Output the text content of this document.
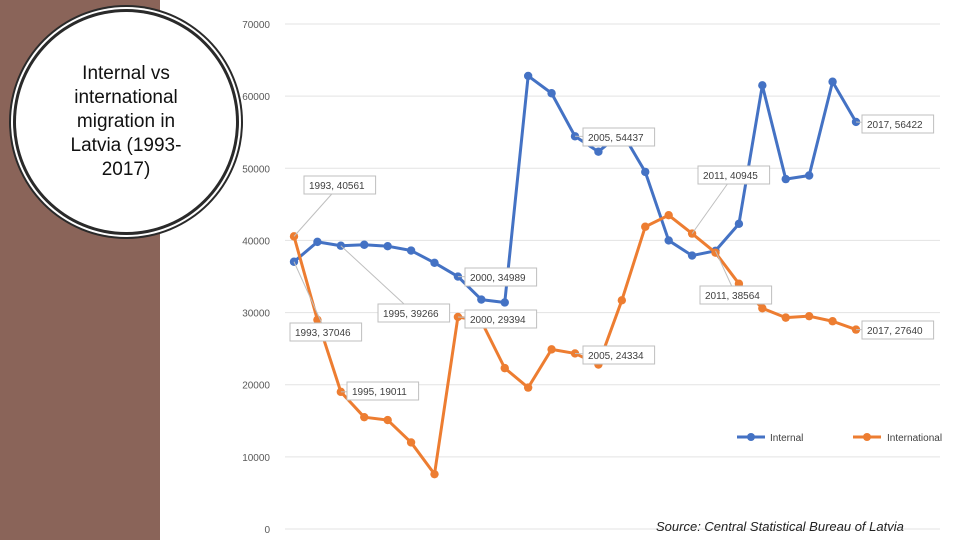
Internal vs international migration in Latvia (1993-2017)
0
10000
20000
30000
40000
50000
60000
70000
1993, 40561
1993, 37046
1995, 39266
1995, 19011
2000, 34989
2000, 29394
2005, 54437
2005, 24334
2011, 40945
2011, 38564
2017, 56422
2017, 27640
Internal	International
Source: Central Statistical Bureau of Latvia
